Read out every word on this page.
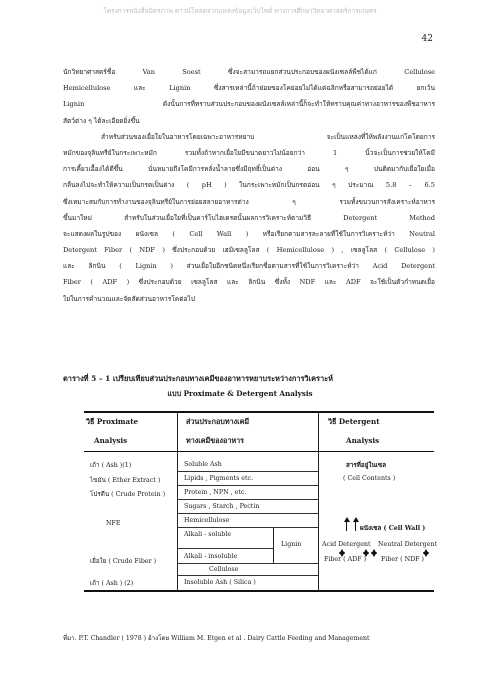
โครงการหนังสือมิตรภาพ ดาวน์โหลดจากแหล่งข้อมูลเว็บไซต์ ทางการศึกษาวิทยาศาสตร์การเกษตร
42
นักวิทยาศาสตร์ชื่อ Van Soest ซึ่งจะสามารถแยกส่วนประกอบของผนังเซลล์พืชได้แก่ Cellulose
Hemicellulose และ Lignin ซึ่งสารเหล่านี้ถ้าย่อยของโคย่อยไม่ได้แต่ฉลิกหรือสามารถย่อยได้ ยกเว้น
Lignin ดังนั้นการที่ทราบส่วนประกอบของผนังเซลล์เหล่านี้ก็จะทำให้ทราบคุณค่าทางอาหารของพืชอาหาร
สัตว์ต่าง ๆ ได้ละเอียดยิ่งขึ้น
สำหรับส่วนของเยื่อใยในอาหารโคยเฉพาะอาหารหยาบ จะเป็นแหล่งที่ให้พลังงานแก่โคโดยการ
หมักของจุลินทรีย์ในกระเพาะหมัก รวมทั้งถ้าหากเยื่อใยมีขนาดยาวไม่น้อยกว่า 1 นิ้วจะเป็นการช่วยให้โคมี
การเคี้ยวเอื้องได้ดีขึ้น นั่นหมายถึงโคมีการหลั่งน้ำลายซึ่งมีฤทธิ์เป็นด่าง อ่อน ๆ ปนติดมากับเยื่อใยเมื่อ
กลืนลงไปจะทำให้ความเป็นกรดเป็นด่าง ( pH ) ในกระเพาะหมักเป็นกรดอ่อน ๆ ประมาณ 5.8 – 6.5
ซึ่งเหมาะสมกับการทำงานของจุลินทรีย์ในการย่อยสลายอาหารต่าง ๆ รวมทั้งขบวนการสังเคราะห์อาหาร
ขึ้นมาใหม่ สำหรับในส่วนเยื่อใยที่เป็นคาร์โบไฮเดรตนั้นผลการวิเคราะห์ตามวิธี Detergent Method
จะแสดงผลในรูปของ ผนังเซล ( Cell Wall ) หรือเรียกตามสารละลายที่ใช้ในการวิเคราะห์ว่า Neutral
Detergent Fiber ( NDF ) ซึ่งประกอบด้วย เฮมิเซลลูโลส ( Hemicellulose ) , เซลลูโลส ( Cellulose )
และ ลิกนิน ( Lignin ) ส่วนเยื่อใยอีกชนิดหนึ่งเรียกชื่อตามสารที่ใช้ในการวิเคราะห์ว่า Acid Detergent
Fiber ( ADF ) ซึ่งประกอบด้วย เซลลูโลส และ ลิกนิน ซึ่งทั้ง NDF และ ADF จะใช้เป็นตัวกำหนดเยื่อ
ใยในการคำนวณและจัดสัดส่วนอาหารโคต่อไป
ตารางที่ 5 – 1 เปรียบเทียบส่วนประกอบทางเคมีของอาหารหยาบระหว่างการวิเคราะห์
แบบ Proximate & Detergent Analysis
วิธี Proximate
Analysis
ส่วนประกอบทางเคมี
ทางเคมีของอาหาร
วิธี Detergent
Analysis
เถ้า ( Ash )(1)
ไขมัน ( Ether Extract )
โปรตีน ( Crude Protein )
NFE
เยื่อใย ( Crude Fiber )
เถ้า ( Ash ) (2)
Soluble Ash
Lipids , Pigments etc.
Protein , NPN , etc.
Sugars , Starch , Pectin
Hemicellulose
Alkali - soluble
Lignin
Alkali - insoluble
Cellulose
Insoluble Ash ( Silica )
สารที่อยู่ในเซล
( Cell Contents )
ผนังเซล ( Cell Wall )
Acid Detergent Neutral Detergent
Fiber ( ADF ) Fiber ( NDF )
ที่มา. P.T. Chandler ( 1978 ) อ้างโดย William M. Etgen et al . Dairy Cattle Feeding and Management
